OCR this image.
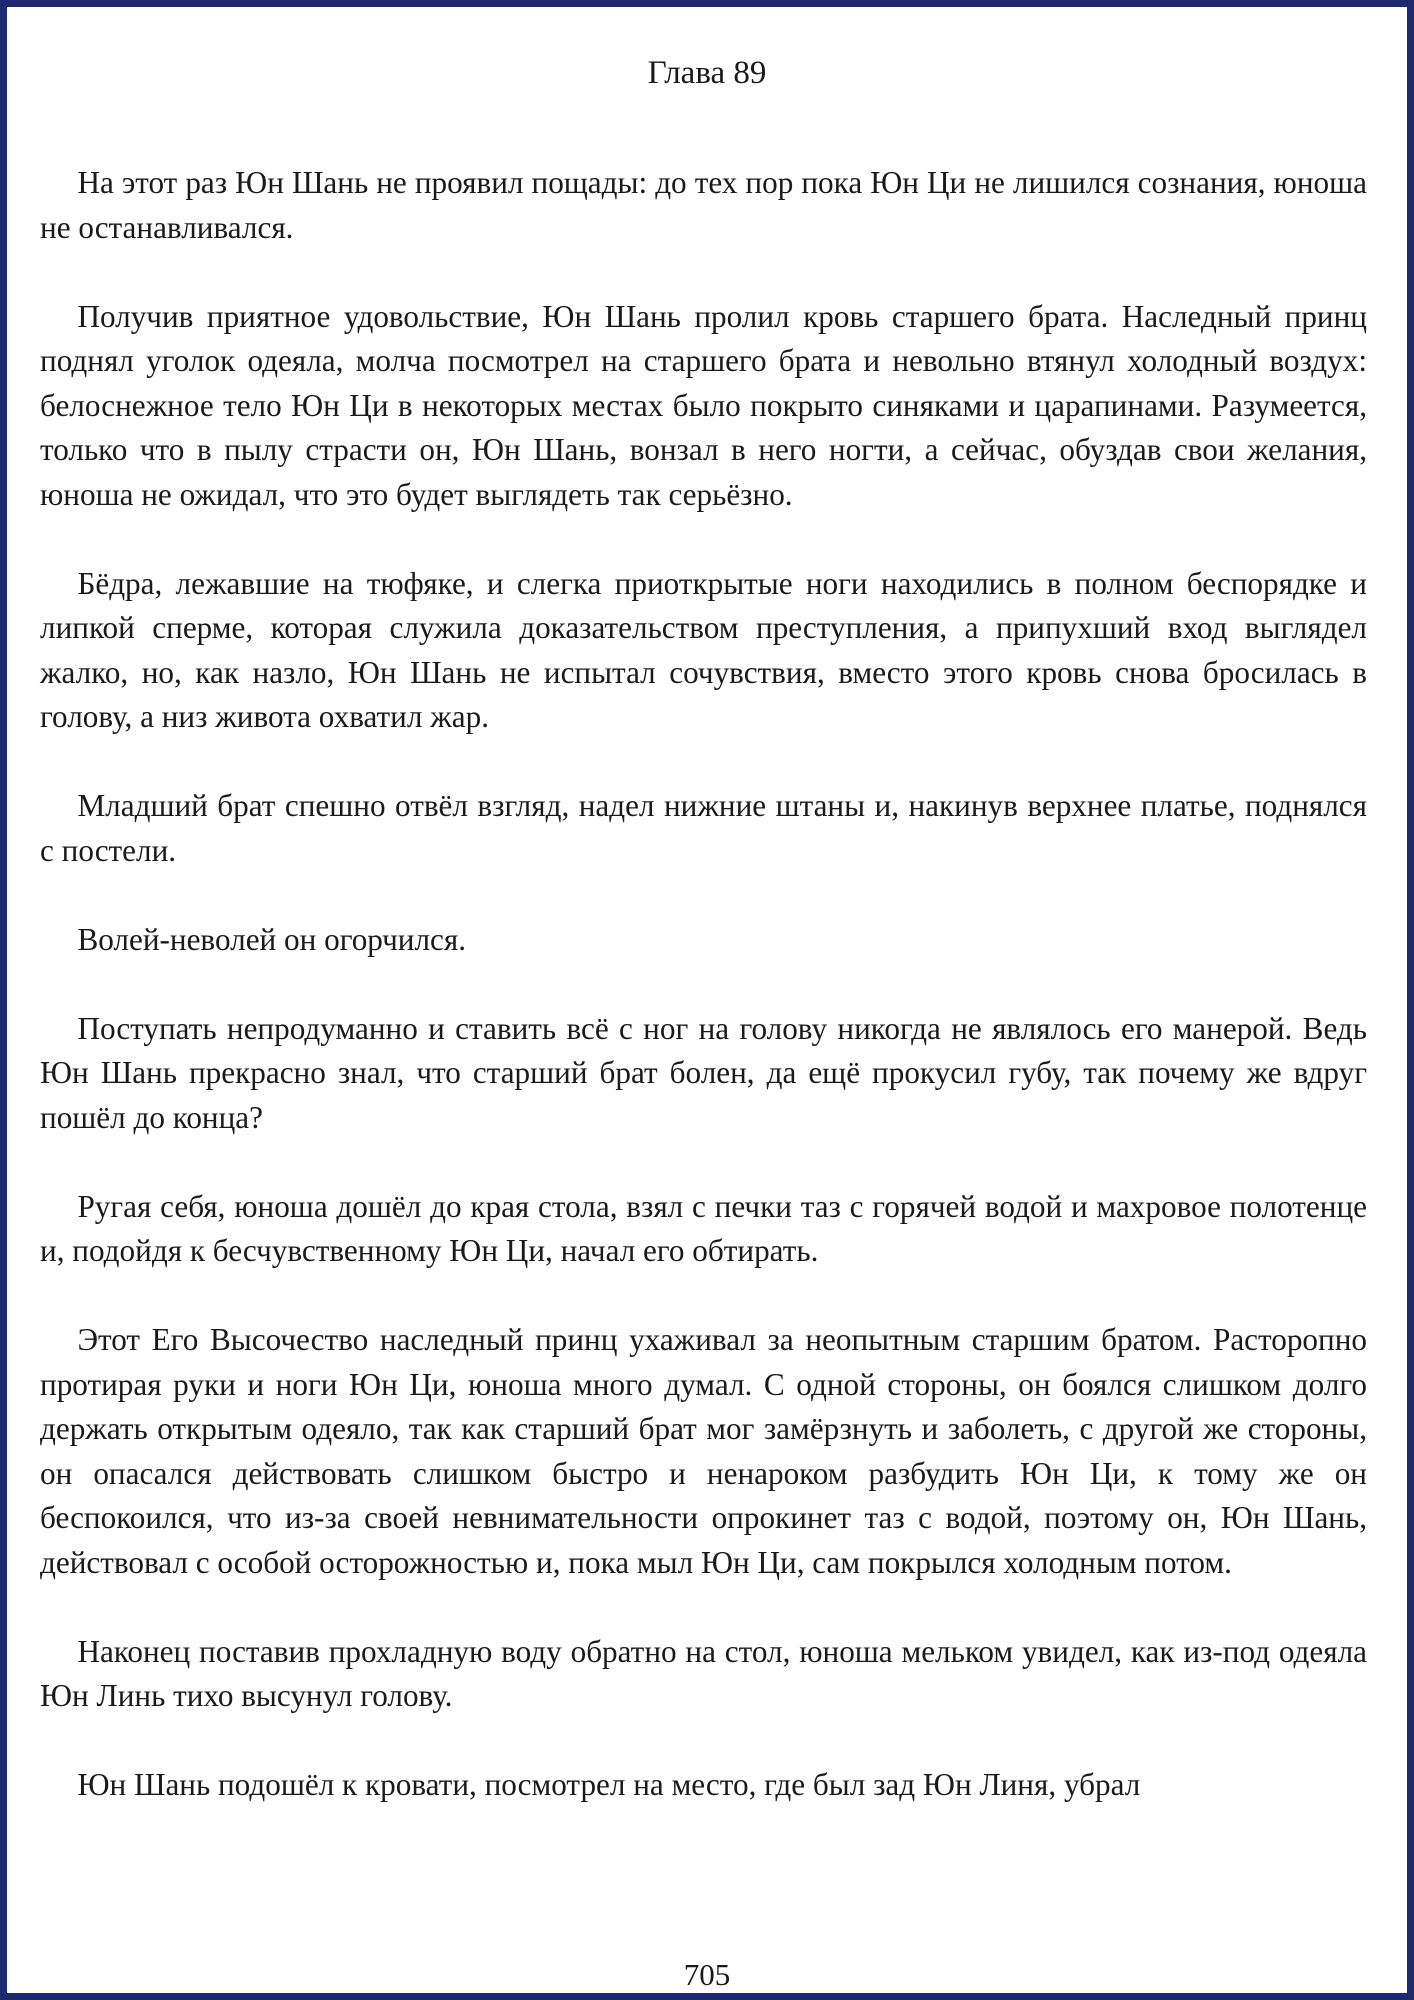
Глава 89

На этот раз Юн Шань не проявил пощады: до тех пор пока Юн Ци не лишился сознания, юноша не останавливался.

Получив приятное удовольствие, Юн Шань пролил кровь старшего брата. Наследный принц поднял уголок одеяла, молча посмотрел на старшего брата и невольно втянул холодный воздух: белоснежное тело Юн Ци в некоторых местах было покрыто синяками и царапинами. Разумеется, только что в пылу страсти он, Юн Шань, вонзал в него ногти, а сейчас, обуздав свои желания, юноша не ожидал, что это будет выглядеть так серьёзно.

Бёдра, лежавшие на тюфяке, и слегка приоткрытые ноги находились в полном беспорядке и липкой сперме, которая служила доказательством преступления, а припухший вход выглядел жалко, но, как назло, Юн Шань не испытал сочувствия, вместо этого кровь снова бросилась в голову, а низ живота охватил жар.

Младший брат спешно отвёл взгляд, надел нижние штаны и, накинув верхнее платье, поднялся с постели.

Волей-неволей он огорчился.

Поступать непродуманно и ставить всё с ног на голову никогда не являлось его манерой. Ведь Юн Шань прекрасно знал, что старший брат болен, да ещё прокусил губу, так почему же вдруг пошёл до конца?

Ругая себя, юноша дошёл до края стола, взял с печки таз с горячей водой и махровое полотенце и, подойдя к бесчувственному Юн Ци, начал его обтирать.

Этот Его Высочество наследный принц ухаживал за неопытным старшим братом. Расторопно протирая руки и ноги Юн Ци, юноша много думал. С одной стороны, он боялся слишком долго держать открытым одеяло, так как старший брат мог замёрзнуть и заболеть, с другой же стороны, он опасался действовать слишком быстро и ненароком разбудить Юн Ци, к тому же он беспокоился, что из-за своей невнимательности опрокинет таз с водой, поэтому он, Юн Шань, действовал с особой осторожностью и, пока мыл Юн Ци, сам покрылся холодным потом.

Наконец поставив прохладную воду обратно на стол, юноша мельком увидел, как из-под одеяла Юн Линь тихо высунул голову.

Юн Шань подошёл к кровати, посмотрел на место, где был зад Юн Линя, убрал

705
